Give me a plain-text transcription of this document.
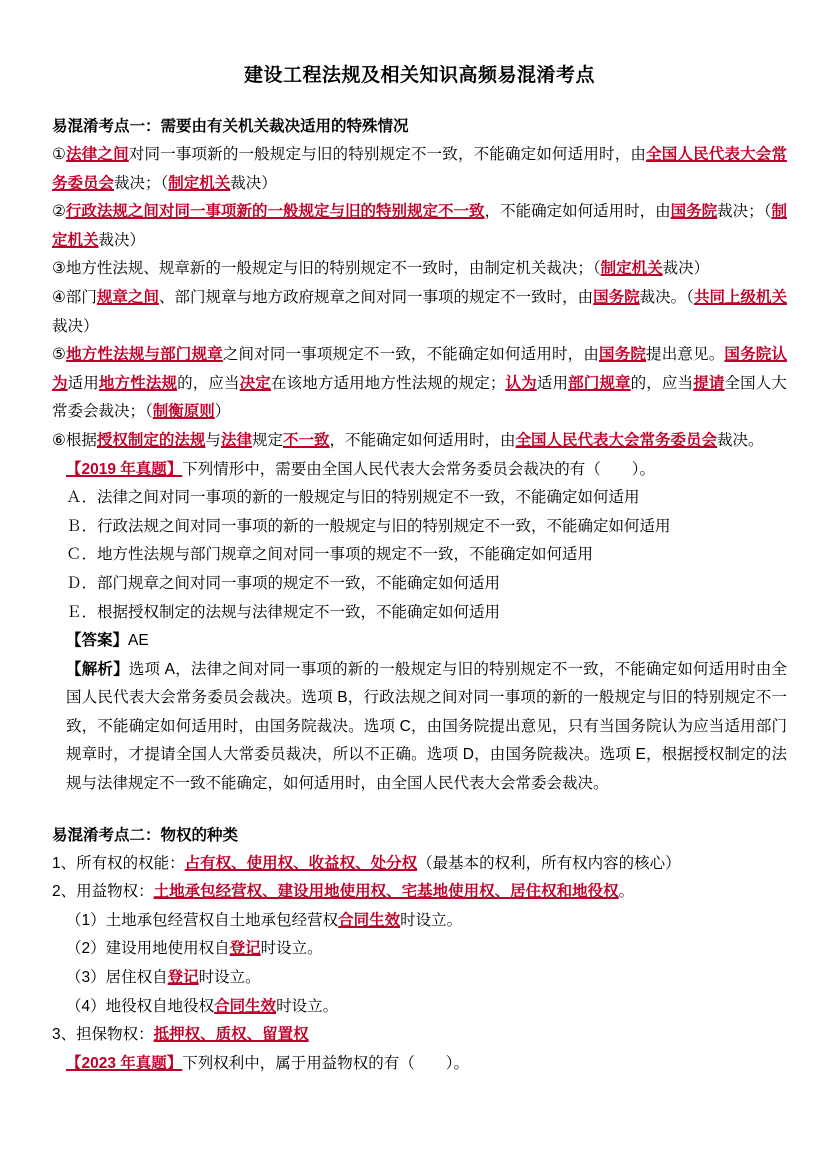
建设工程法规及相关知识高频易混淆考点
易混淆考点一：需要由有关机关裁决适用的特殊情况
①法律之间对同一事项新的一般规定与旧的特别规定不一致，不能确定如何适用时，由全国人民代表大会常务委员会裁决；（制定机关裁决）
②行政法规之间对同一事项新的一般规定与旧的特别规定不一致，不能确定如何适用时，由国务院裁决；（制定机关裁决）
③地方性法规、规章新的一般规定与旧的特别规定不一致时，由制定机关裁决；（制定机关裁决）
④部门规章之间、部门规章与地方政府规章之间对同一事项的规定不一致时，由国务院裁决。（共同上级机关裁决）
⑤地方性法规与部门规章之间对同一事项规定不一致，不能确定如何适用时，由国务院提出意见。国务院认为适用地方性法规的，应当决定在该地方适用地方性法规的规定；认为适用部门规章的，应当提请全国人大常委会裁决；（制衡原则）
⑥根据授权制定的法规与法律规定不一致，不能确定如何适用时，由全国人民代表大会常务委员会裁决。
【2019 年真题】下列情形中，需要由全国人民代表大会常务委员会裁决的有（　　）。
Ａ．法律之间对同一事项的新的一般规定与旧的特别规定不一致，不能确定如何适用
Ｂ．行政法规之间对同一事项的新的一般规定与旧的特别规定不一致，不能确定如何适用
Ｃ．地方性法规与部门规章之间对同一事项的规定不一致，不能确定如何适用
Ｄ．部门规章之间对同一事项的规定不一致，不能确定如何适用
Ｅ．根据授权制定的法规与法律规定不一致，不能确定如何适用
【答案】AE
【解析】选项 A，法律之间对同一事项的新的一般规定与旧的特别规定不一致，不能确定如何适用时由全国人民代表大会常务委员会裁决。选项 B，行政法规之间对同一事项的新的一般规定与旧的特别规定不一致，不能确定如何适用时，由国务院裁决。选项 C，由国务院提出意见，只有当国务院认为应当适用部门规章时，才提请全国人大常委员裁决，所以不正确。选项 D，由国务院裁决。选项 E，根据授权制定的法规与法律规定不一致不能确定，如何适用时，由全国人民代表大会常委会裁决。
易混淆考点二：物权的种类
1、所有权的权能：占有权、使用权、收益权、处分权（最基本的权利，所有权内容的核心）
2、用益物权：土地承包经营权、建设用地使用权、宅基地使用权、居住权和地役权。
（1）土地承包经营权自土地承包经营权合同生效时设立。
（2）建设用地使用权自登记时设立。
（3）居住权自登记时设立。
（4）地役权自地役权合同生效时设立。
3、担保物权：抵押权、质权、留置权
【2023 年真题】下列权利中，属于用益物权的有（　　）。
